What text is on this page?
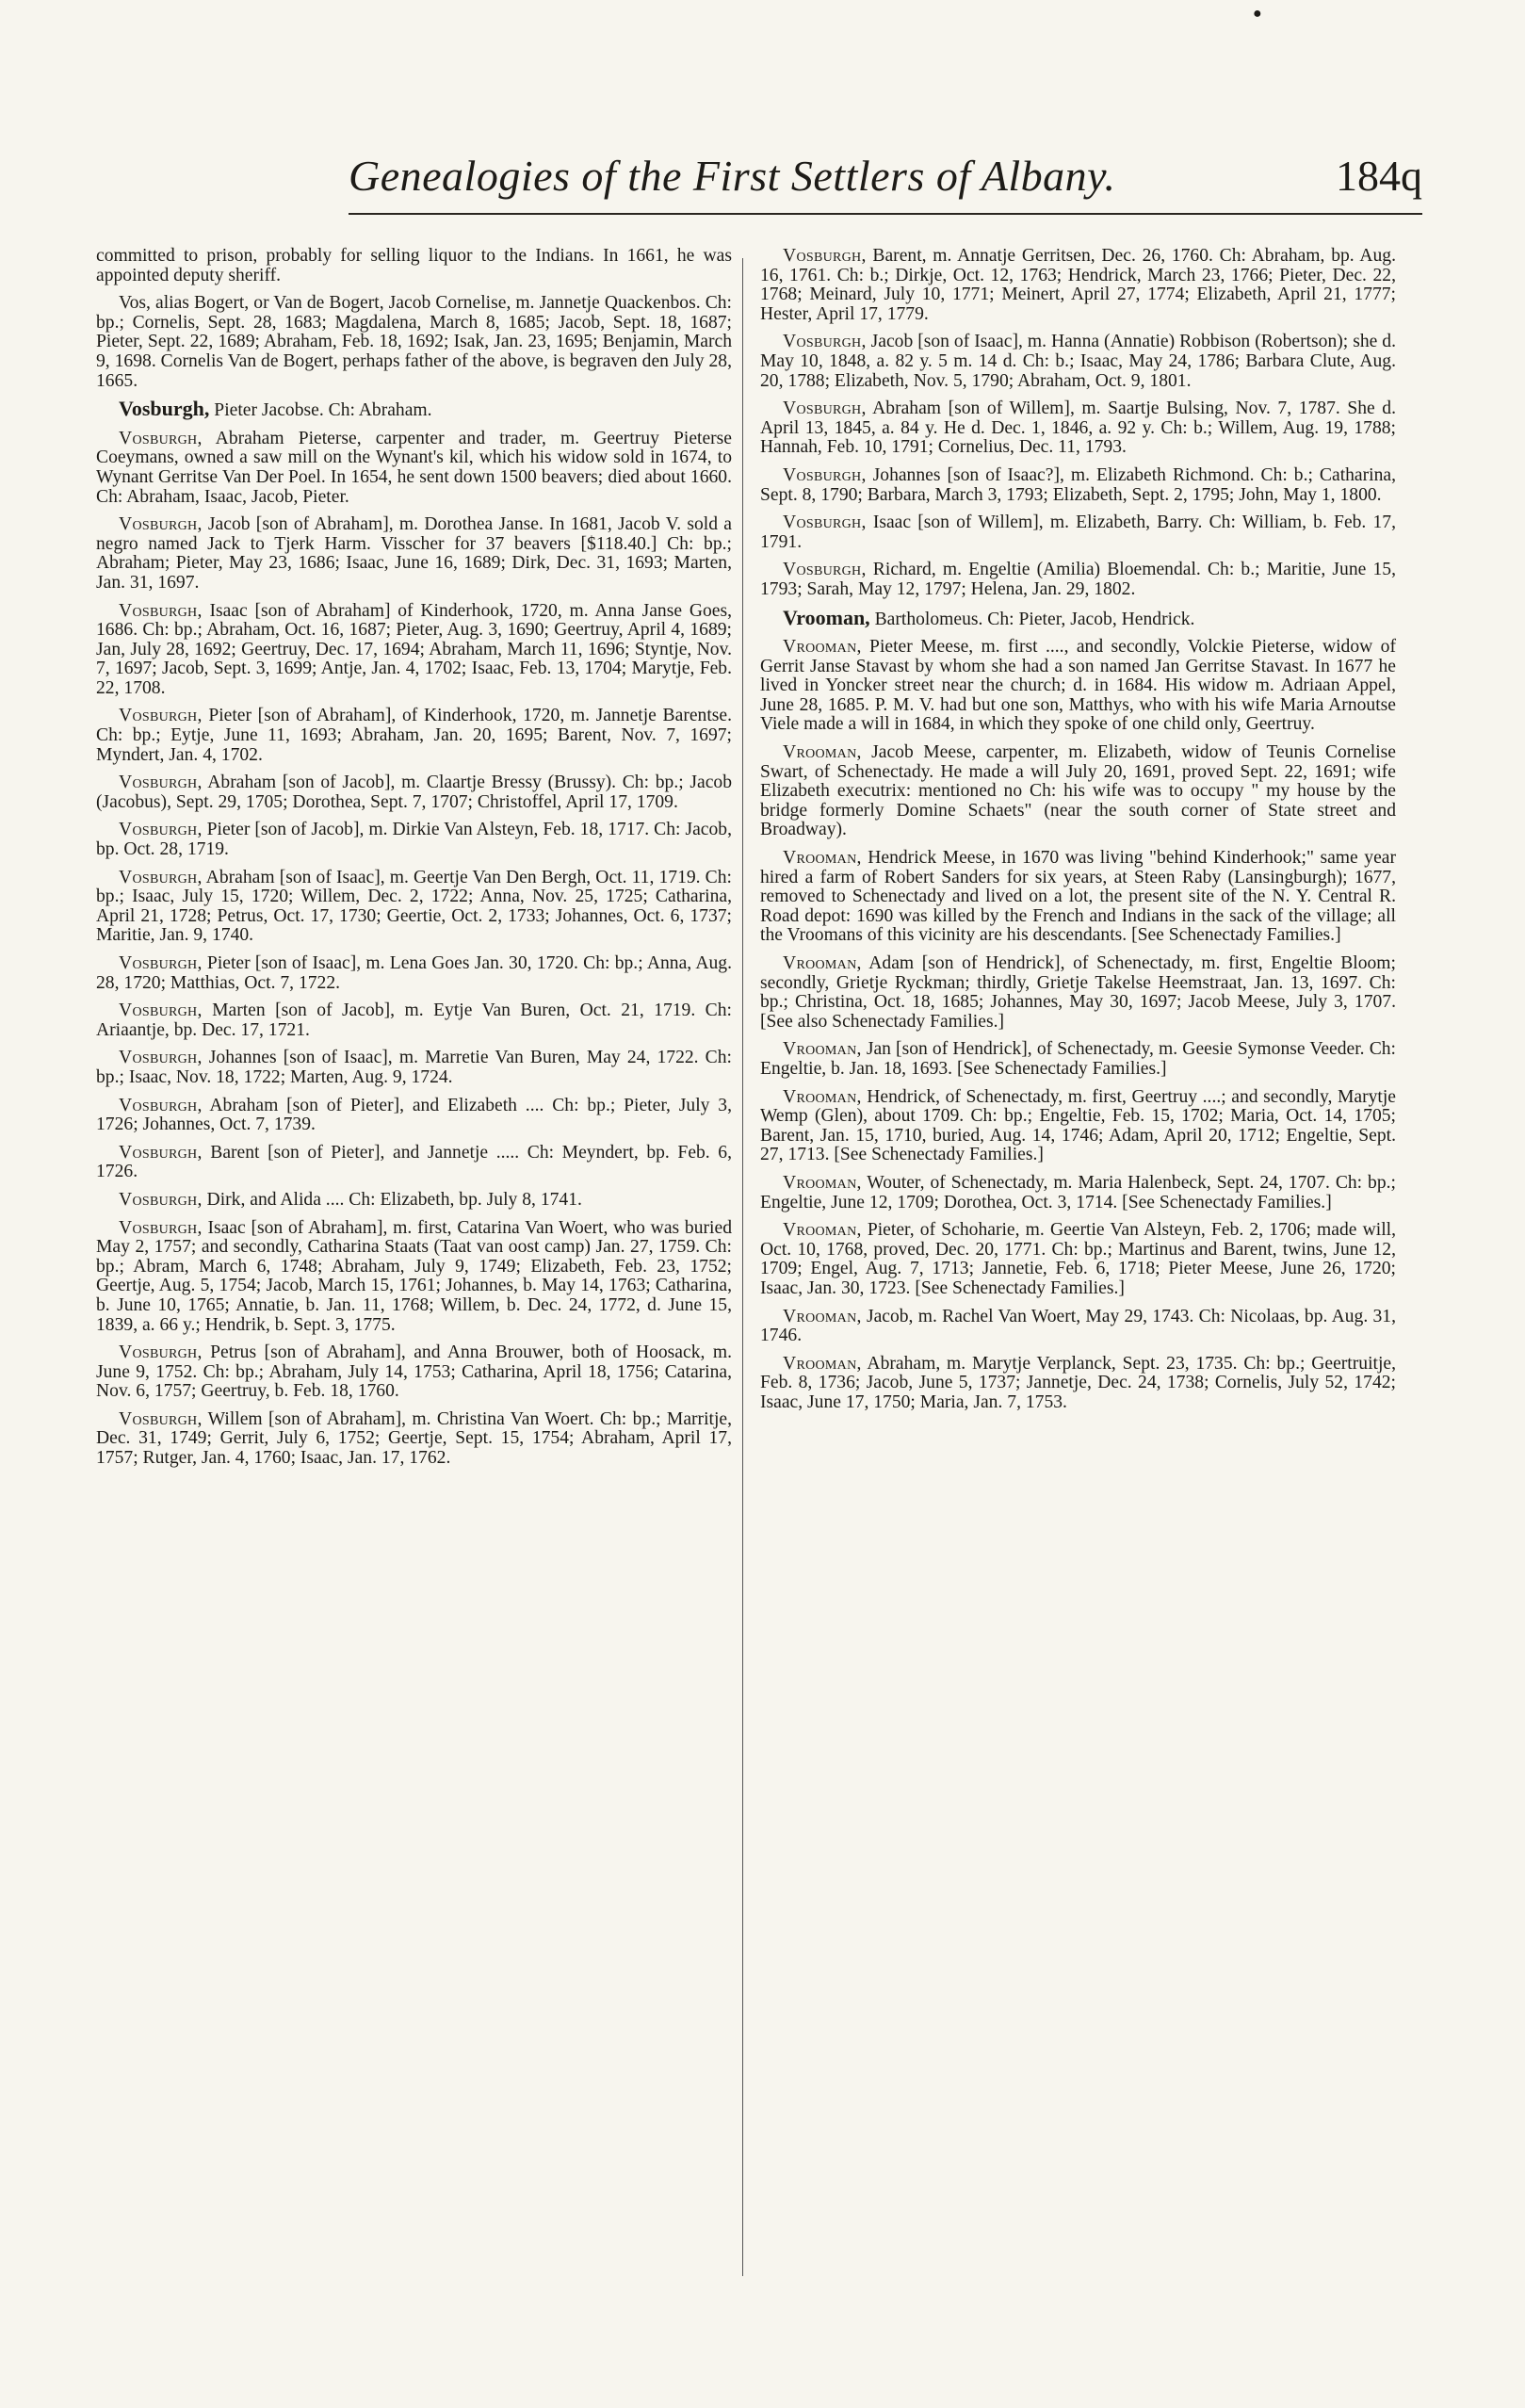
●
Genealogies of the First Settlers of Albany.	184q

committed to prison, probably for selling liquor to the Indians. In 1661, he was appointed deputy sheriff.

Vos, alias Bogert, or Van de Bogert, Jacob Cornelise, m. Jannetje Quackenbos. Ch: bp.; Cornelis, Sept. 28, 1683; Magdalena, March 8, 1685; Jacob, Sept. 18, 1687; Pieter, Sept. 22, 1689; Abraham, Feb. 18, 1692; Isak, Jan. 23, 1695; Benjamin, March 9, 1698. Cornelis Van de Bogert, perhaps father of the above, is begraven den July 28, 1665.

Vosburgh, Pieter Jacobse. Ch: Abraham.

Vosburgh, Abraham Pieterse, carpenter and trader, m. Geertruy Pieterse Coeymans, owned a saw mill on the Wynant's kil, which his widow sold in 1674, to Wynant Gerritse Van Der Poel. In 1654, he sent down 1500 beavers; died about 1660. Ch: Abraham, Isaac, Jacob, Pieter.

Vosburgh, Jacob [son of Abraham], m. Dorothea Janse. In 1681, Jacob V. sold a negro named Jack to Tjerk Harm. Visscher for 37 beavers [$118.40.] Ch: bp.; Abraham; Pieter, May 23, 1686; Isaac, June 16, 1689; Dirk, Dec. 31, 1693; Marten, Jan. 31, 1697.

Vosburgh, Isaac [son of Abraham] of Kinderhook, 1720, m. Anna Janse Goes, 1686. Ch: bp.; Abraham, Oct. 16, 1687; Pieter, Aug. 3, 1690; Geertruy, April 4, 1689; Jan, July 28, 1692; Geertruy, Dec. 17, 1694; Abraham, March 11, 1696; Styntje, Nov. 7, 1697; Jacob, Sept. 3, 1699; Antje, Jan. 4, 1702; Isaac, Feb. 13, 1704; Marytje, Feb. 22, 1708.

Vosburgh, Pieter [son of Abraham], of Kinderhook, 1720, m. Jannetje Barentse. Ch: bp.; Eytje, June 11, 1693; Abraham, Jan. 20, 1695; Barent, Nov. 7, 1697; Myndert, Jan. 4, 1702.

Vosburgh, Abraham [son of Jacob], m. Claartje Bressy (Brussy). Ch: bp.; Jacob (Jacobus), Sept. 29, 1705; Dorothea, Sept. 7, 1707; Christoffel, April 17, 1709.

Vosburgh, Pieter [son of Jacob], m. Dirkie Van Alsteyn, Feb. 18, 1717. Ch: Jacob, bp. Oct. 28, 1719.

Vosburgh, Abraham [son of Isaac], m. Geertje Van Den Bergh, Oct. 11, 1719. Ch: bp.; Isaac, July 15, 1720; Willem, Dec. 2, 1722; Anna, Nov. 25, 1725; Catharina, April 21, 1728; Petrus, Oct. 17, 1730; Geertie, Oct. 2, 1733; Johannes, Oct. 6, 1737; Maritie, Jan. 9, 1740.

Vosburgh, Pieter [son of Isaac], m. Lena Goes Jan. 30, 1720. Ch: bp.; Anna, Aug. 28, 1720; Matthias, Oct. 7, 1722.

Vosburgh, Marten [son of Jacob], m. Eytje Van Buren, Oct. 21, 1719. Ch: Ariaantje, bp. Dec. 17, 1721.

Vosburgh, Johannes [son of Isaac], m. Marretie Van Buren, May 24, 1722. Ch: bp.; Isaac, Nov. 18, 1722; Marten, Aug. 9, 1724.

Vosburgh, Abraham [son of Pieter], and Elizabeth .... Ch: bp.; Pieter, July 3, 1726; Johannes, Oct. 7, 1739.

Vosburgh, Barent [son of Pieter], and Jannetje ..... Ch: Meyndert, bp. Feb. 6, 1726.

Vosburgh, Dirk, and Alida .... Ch: Elizabeth, bp. July 8, 1741.

Vosburgh, Isaac [son of Abraham], m. first, Catarina Van Woert, who was buried May 2, 1757; and secondly, Catharina Staats (Taat van oost camp) Jan. 27, 1759. Ch: bp.; Abram, March 6, 1748; Abraham, July 9, 1749; Elizabeth, Feb. 23, 1752; Geertje, Aug. 5, 1754; Jacob, March 15, 1761; Johannes, b. May 14, 1763; Catharina, b. June 10, 1765; Annatie, b. Jan. 11, 1768; Willem, b. Dec. 24, 1772, d. June 15, 1839, a. 66 y.; Hendrik, b. Sept. 3, 1775.

Vosburgh, Petrus [son of Abraham], and Anna Brouwer, both of Hoosack, m. June 9, 1752. Ch: bp.; Abraham, July 14, 1753; Catharina, April 18, 1756; Catarina, Nov. 6, 1757; Geertruy, b. Feb. 18, 1760.

Vosburgh, Willem [son of Abraham], m. Christina Van Woert. Ch: bp.; Marritje, Dec. 31, 1749; Gerrit, July 6, 1752; Geertje, Sept. 15, 1754; Abraham, April 17, 1757; Rutger, Jan. 4, 1760; Isaac, Jan. 17, 1762.

Vosburgh, Barent, m. Annatje Gerritsen, Dec. 26, 1760. Ch: Abraham, bp. Aug. 16, 1761. Ch: b.; Dirkje, Oct. 12, 1763; Hendrick, March 23, 1766; Pieter, Dec. 22, 1768; Meinard, July 10, 1771; Meinert, April 27, 1774; Elizabeth, April 21, 1777; Hester, April 17, 1779.

Vosburgh, Jacob [son of Isaac], m. Hanna (Annatie) Robbison (Robertson); she d. May 10, 1848, a. 82 y. 5 m. 14 d. Ch: b.; Isaac, May 24, 1786; Barbara Clute, Aug. 20, 1788; Elizabeth, Nov. 5, 1790; Abraham, Oct. 9, 1801.

Vosburgh, Abraham [son of Willem], m. Saartje Bulsing, Nov. 7, 1787. She d. April 13, 1845, a. 84 y. He d. Dec. 1, 1846, a. 92 y. Ch: b.; Willem, Aug. 19, 1788; Hannah, Feb. 10, 1791; Cornelius, Dec. 11, 1793.

Vosburgh, Johannes [son of Isaac?], m. Elizabeth Richmond. Ch: b.; Catharina, Sept. 8, 1790; Barbara, March 3, 1793; Elizabeth, Sept. 2, 1795; John, May 1, 1800.

Vosburgh, Isaac [son of Willem], m. Elizabeth, Barry. Ch: William, b. Feb. 17, 1791.

Vosburgh, Richard, m. Engeltie (Amilia) Bloemendal. Ch: b.; Maritie, June 15, 1793; Sarah, May 12, 1797; Helena, Jan. 29, 1802.

Vrooman, Bartholomeus. Ch: Pieter, Jacob, Hendrick.

Vrooman, Pieter Meese, m. first ...., and secondly, Volckie Pieterse, widow of Gerrit Janse Stavast by whom she had a son named Jan Gerritse Stavast. In 1677 he lived in Yoncker street near the church; d. in 1684. His widow m. Adriaan Appel, June 28, 1685. P. M. V. had but one son, Matthys, who with his wife Maria Arnoutse Viele made a will in 1684, in which they spoke of one child only, Geertruy.

Vrooman, Jacob Meese, carpenter, m. Elizabeth, widow of Teunis Cornelise Swart, of Schenectady. He made a will July 20, 1691, proved Sept. 22, 1691; wife Elizabeth executrix: mentioned no Ch: his wife was to occupy " my house by the bridge formerly Domine Schaets" (near the south corner of State street and Broadway).

Vrooman, Hendrick Meese, in 1670 was living "behind Kinderhook;" same year hired a farm of Robert Sanders for six years, at Steen Raby (Lansingburgh); 1677, removed to Schenectady and lived on a lot, the present site of the N. Y. Central R. Road depot: 1690 was killed by the French and Indians in the sack of the village; all the Vroomans of this vicinity are his descendants. [See Schenectady Families.]

Vrooman, Adam [son of Hendrick], of Schenectady, m. first, Engeltie Bloom; secondly, Grietje Ryckman; thirdly, Grietje Takelse Heemstraat, Jan. 13, 1697. Ch: bp.; Christina, Oct. 18, 1685; Johannes, May 30, 1697; Jacob Meese, July 3, 1707. [See also Schenectady Families.]

Vrooman, Jan [son of Hendrick], of Schenectady, m. Geesie Symonse Veeder. Ch: Engeltie, b. Jan. 18, 1693. [See Schenectady Families.]

Vrooman, Hendrick, of Schenectady, m. first, Geertruy ....; and secondly, Marytje Wemp (Glen), about 1709. Ch: bp.; Engeltie, Feb. 15, 1702; Maria, Oct. 14, 1705; Barent, Jan. 15, 1710, buried, Aug. 14, 1746; Adam, April 20, 1712; Engeltie, Sept. 27, 1713. [See Schenectady Families.]

Vrooman, Wouter, of Schenectady, m. Maria Halenbeck, Sept. 24, 1707. Ch: bp.; Engeltie, June 12, 1709; Dorothea, Oct. 3, 1714. [See Schenectady Families.]

Vrooman, Pieter, of Schoharie, m. Geertie Van Alsteyn, Feb. 2, 1706; made will, Oct. 10, 1768, proved, Dec. 20, 1771. Ch: bp.; Martinus and Barent, twins, June 12, 1709; Engel, Aug. 7, 1713; Jannetie, Feb. 6, 1718; Pieter Meese, June 26, 1720; Isaac, Jan. 30, 1723. [See Schenectady Families.]

Vrooman, Jacob, m. Rachel Van Woert, May 29, 1743. Ch: Nicolaas, bp. Aug. 31, 1746.

Vrooman, Abraham, m. Marytje Verplanck, Sept. 23, 1735. Ch: bp.; Geertruitje, Feb. 8, 1736; Jacob, June 5, 1737; Jannetje, Dec. 24, 1738; Cornelis, July 52, 1742; Isaac, June 17, 1750; Maria, Jan. 7, 1753.
